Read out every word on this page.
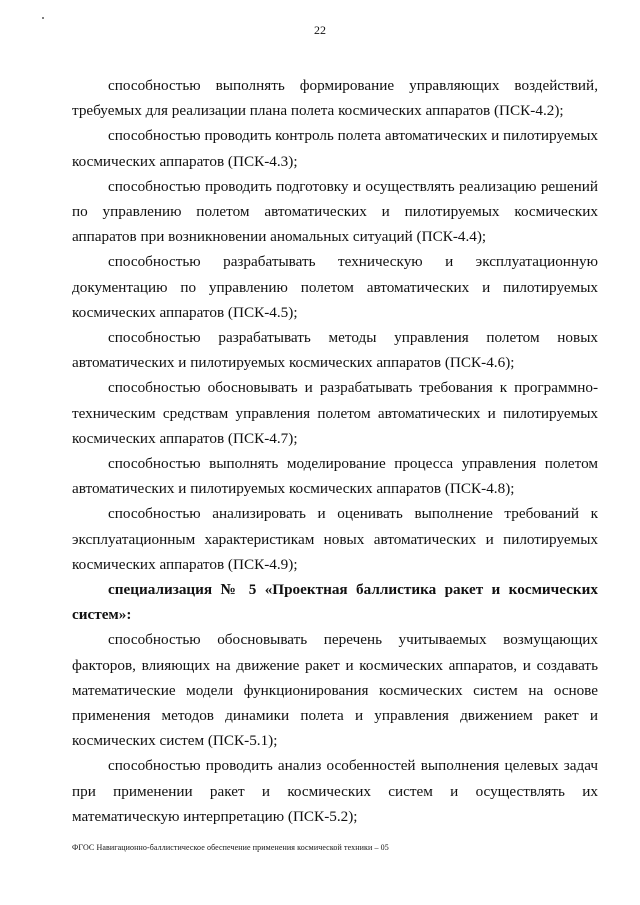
22

способностью выполнять формирование управляющих воздействий, требуемых для реализации плана полета космических аппаратов (ПСК-4.2);

способностью проводить контроль полета автоматических и пилотируемых космических аппаратов (ПСК-4.3);

способностью проводить подготовку и осуществлять реализацию решений по управлению полетом автоматических и пилотируемых космических аппаратов при возникновении аномальных ситуаций (ПСК-4.4);

способностью разрабатывать техническую и эксплуатационную документацию по управлению полетом автоматических и пилотируемых космических аппаратов (ПСК-4.5);

способностью разрабатывать методы управления полетом новых автоматических и пилотируемых космических аппаратов (ПСК-4.6);

способностью обосновывать и разрабатывать требования к программно-техническим средствам управления полетом автоматических и пилотируемых космических аппаратов (ПСК-4.7);

способностью выполнять моделирование процесса управления полетом автоматических и пилотируемых космических аппаратов (ПСК-4.8);

способностью анализировать и оценивать выполнение требований к эксплуатационным характеристикам новых автоматических и пилотируемых космических аппаратов (ПСК-4.9);

специализация № 5 «Проектная баллистика ракет и космических систем»:

способностью обосновывать перечень учитываемых возмущающих факторов, влияющих на движение ракет и космических аппаратов, и создавать математические модели функционирования космических систем на основе применения методов динамики полета и управления движением ракет и космических систем (ПСК-5.1);

способностью проводить анализ особенностей выполнения целевых задач при применении ракет и космических систем и осуществлять их математическую интерпретацию (ПСК-5.2);

ФГОС Навигационно-баллистическое обеспечение применения космической техники – 05
